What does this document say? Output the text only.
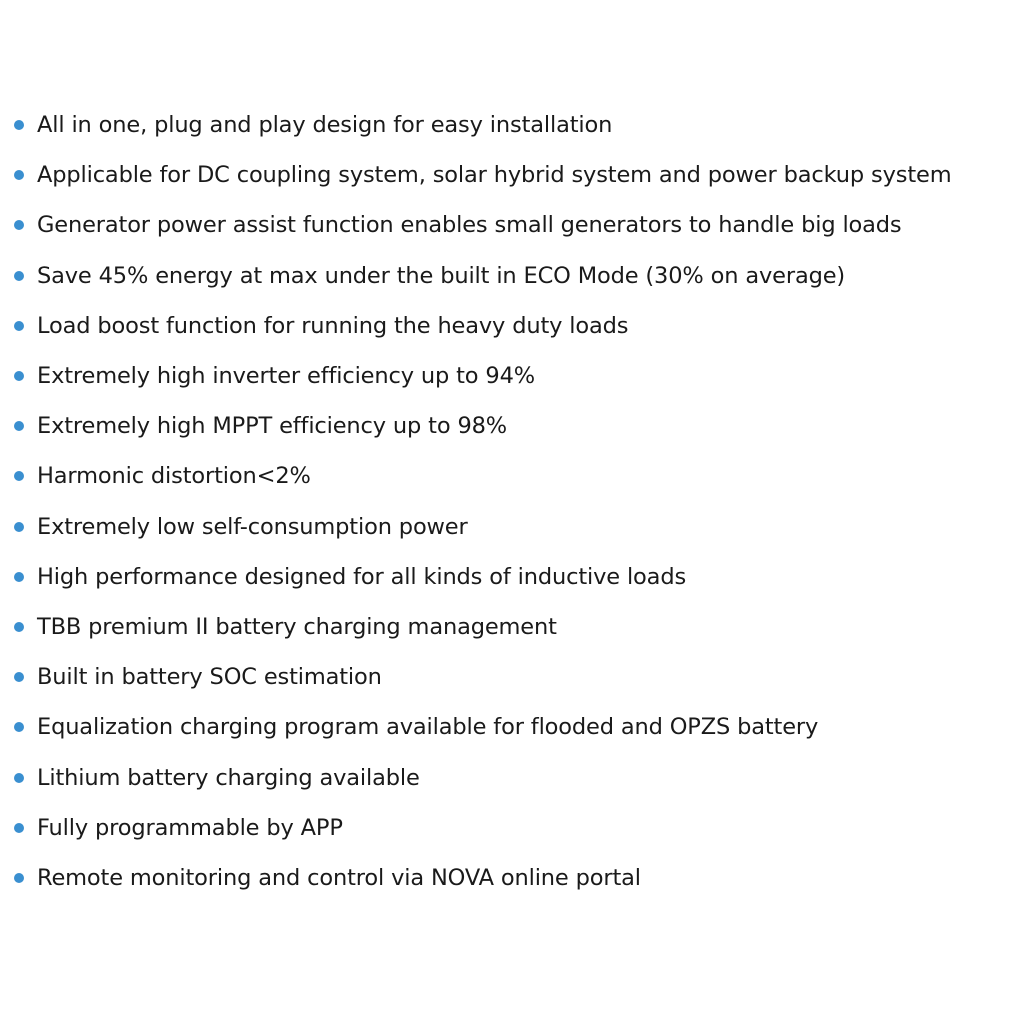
All in one, plug and play design for easy installation
Applicable for DC coupling system, solar hybrid system and power backup system
Generator power assist function enables small generators to handle big loads
Save 45% energy at max under the built in ECO Mode (30% on average)
Load boost function for running the heavy duty loads
Extremely high inverter efficiency up to 94%
Extremely high MPPT efficiency up to 98%
Harmonic distortion<2%
Extremely low self-consumption power
High performance designed for all kinds of inductive loads
TBB premium II battery charging management
Built in battery SOC estimation
Equalization charging program available for flooded and OPZS battery
Lithium battery charging available
Fully programmable by APP
Remote monitoring and control via NOVA online portal
